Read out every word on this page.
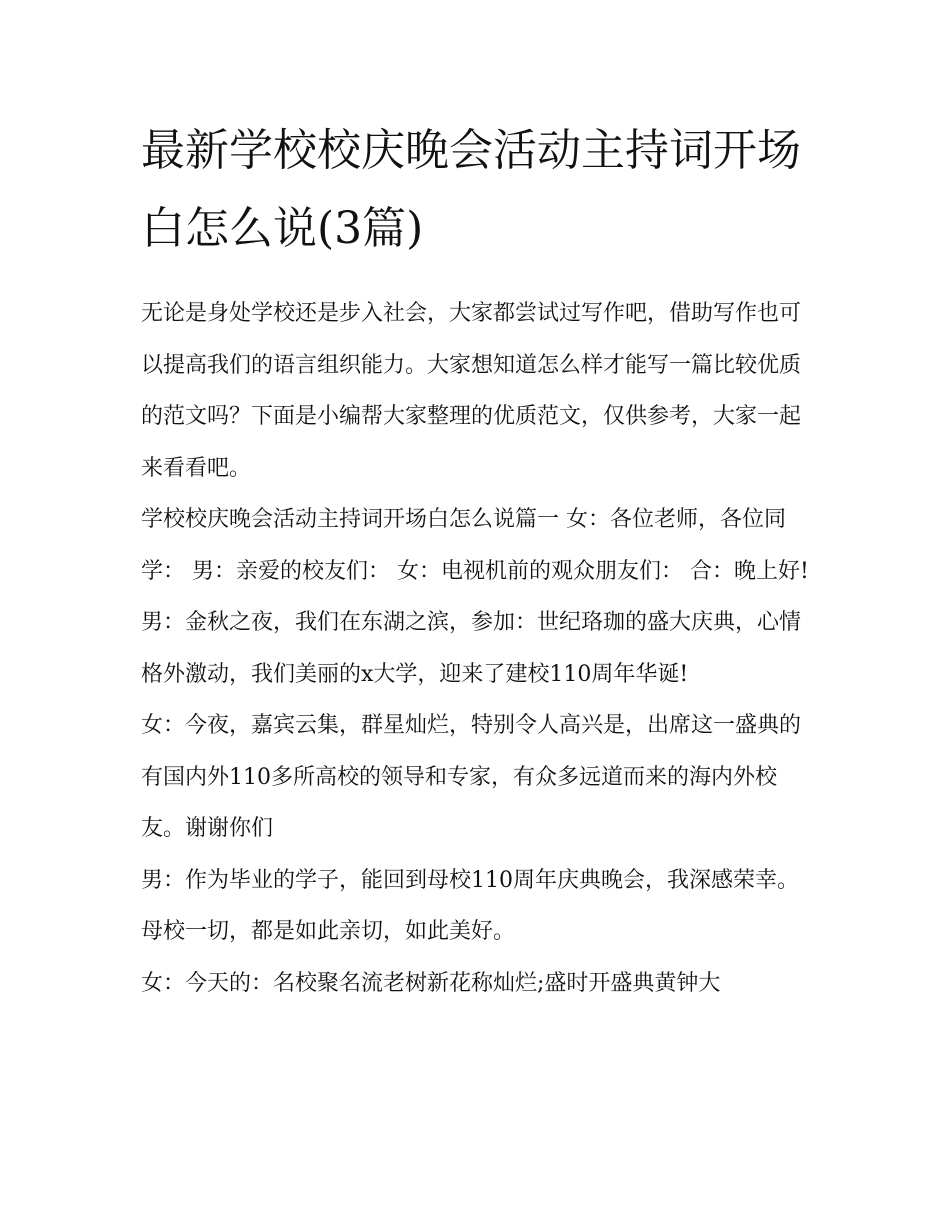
最新学校校庆晚会活动主持词开场白怎么说(3篇)

无论是身处学校还是步入社会，大家都尝试过写作吧，借助写作也可以提高我们的语言组织能力。大家想知道怎么样才能写一篇比较优质的范文吗？下面是小编帮大家整理的优质范文，仅供参考，大家一起来看看吧。

学校校庆晚会活动主持词开场白怎么说篇一 女：各位老师，各位同学： 男：亲爱的校友们： 女：电视机前的观众朋友们： 合：晚上好!

男：金秋之夜，我们在东湖之滨，参加：世纪珞珈的盛大庆典，心情格外激动，我们美丽的x大学，迎来了建校110周年华诞!

女：今夜，嘉宾云集，群星灿烂，特别令人高兴是，出席这一盛典的有国内外110多所高校的领导和专家，有众多远道而来的海内外校友。谢谢你们

男：作为毕业的学子，能回到母校110周年庆典晚会，我深感荣幸。母校一切，都是如此亲切，如此美好。

女：今天的：名校聚名流老树新花称灿烂;盛时开盛典黄钟大
